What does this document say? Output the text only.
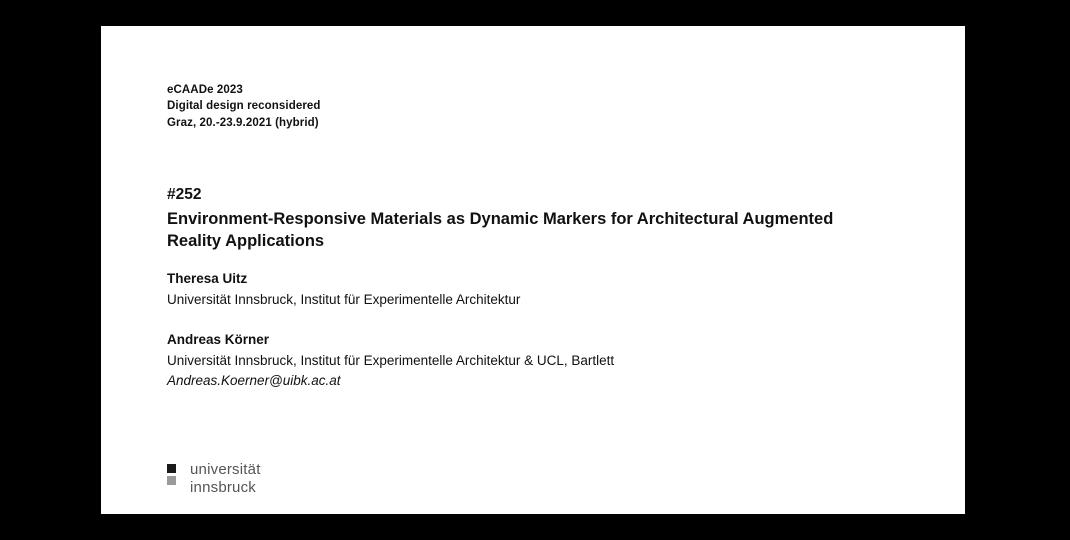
eCAADe 2023
Digital design reconsidered
Graz, 20.-23.9.2021 (hybrid)
#252
Environment-Responsive Materials as Dynamic Markers for Architectural Augmented Reality Applications
Theresa Uitz
Universität Innsbruck, Institut für Experimentelle Architektur
Andreas Körner
Universität Innsbruck, Institut für Experimentelle Architektur & UCL, Bartlett
Andreas.Koerner@uibk.ac.at
universität
innsbruck
